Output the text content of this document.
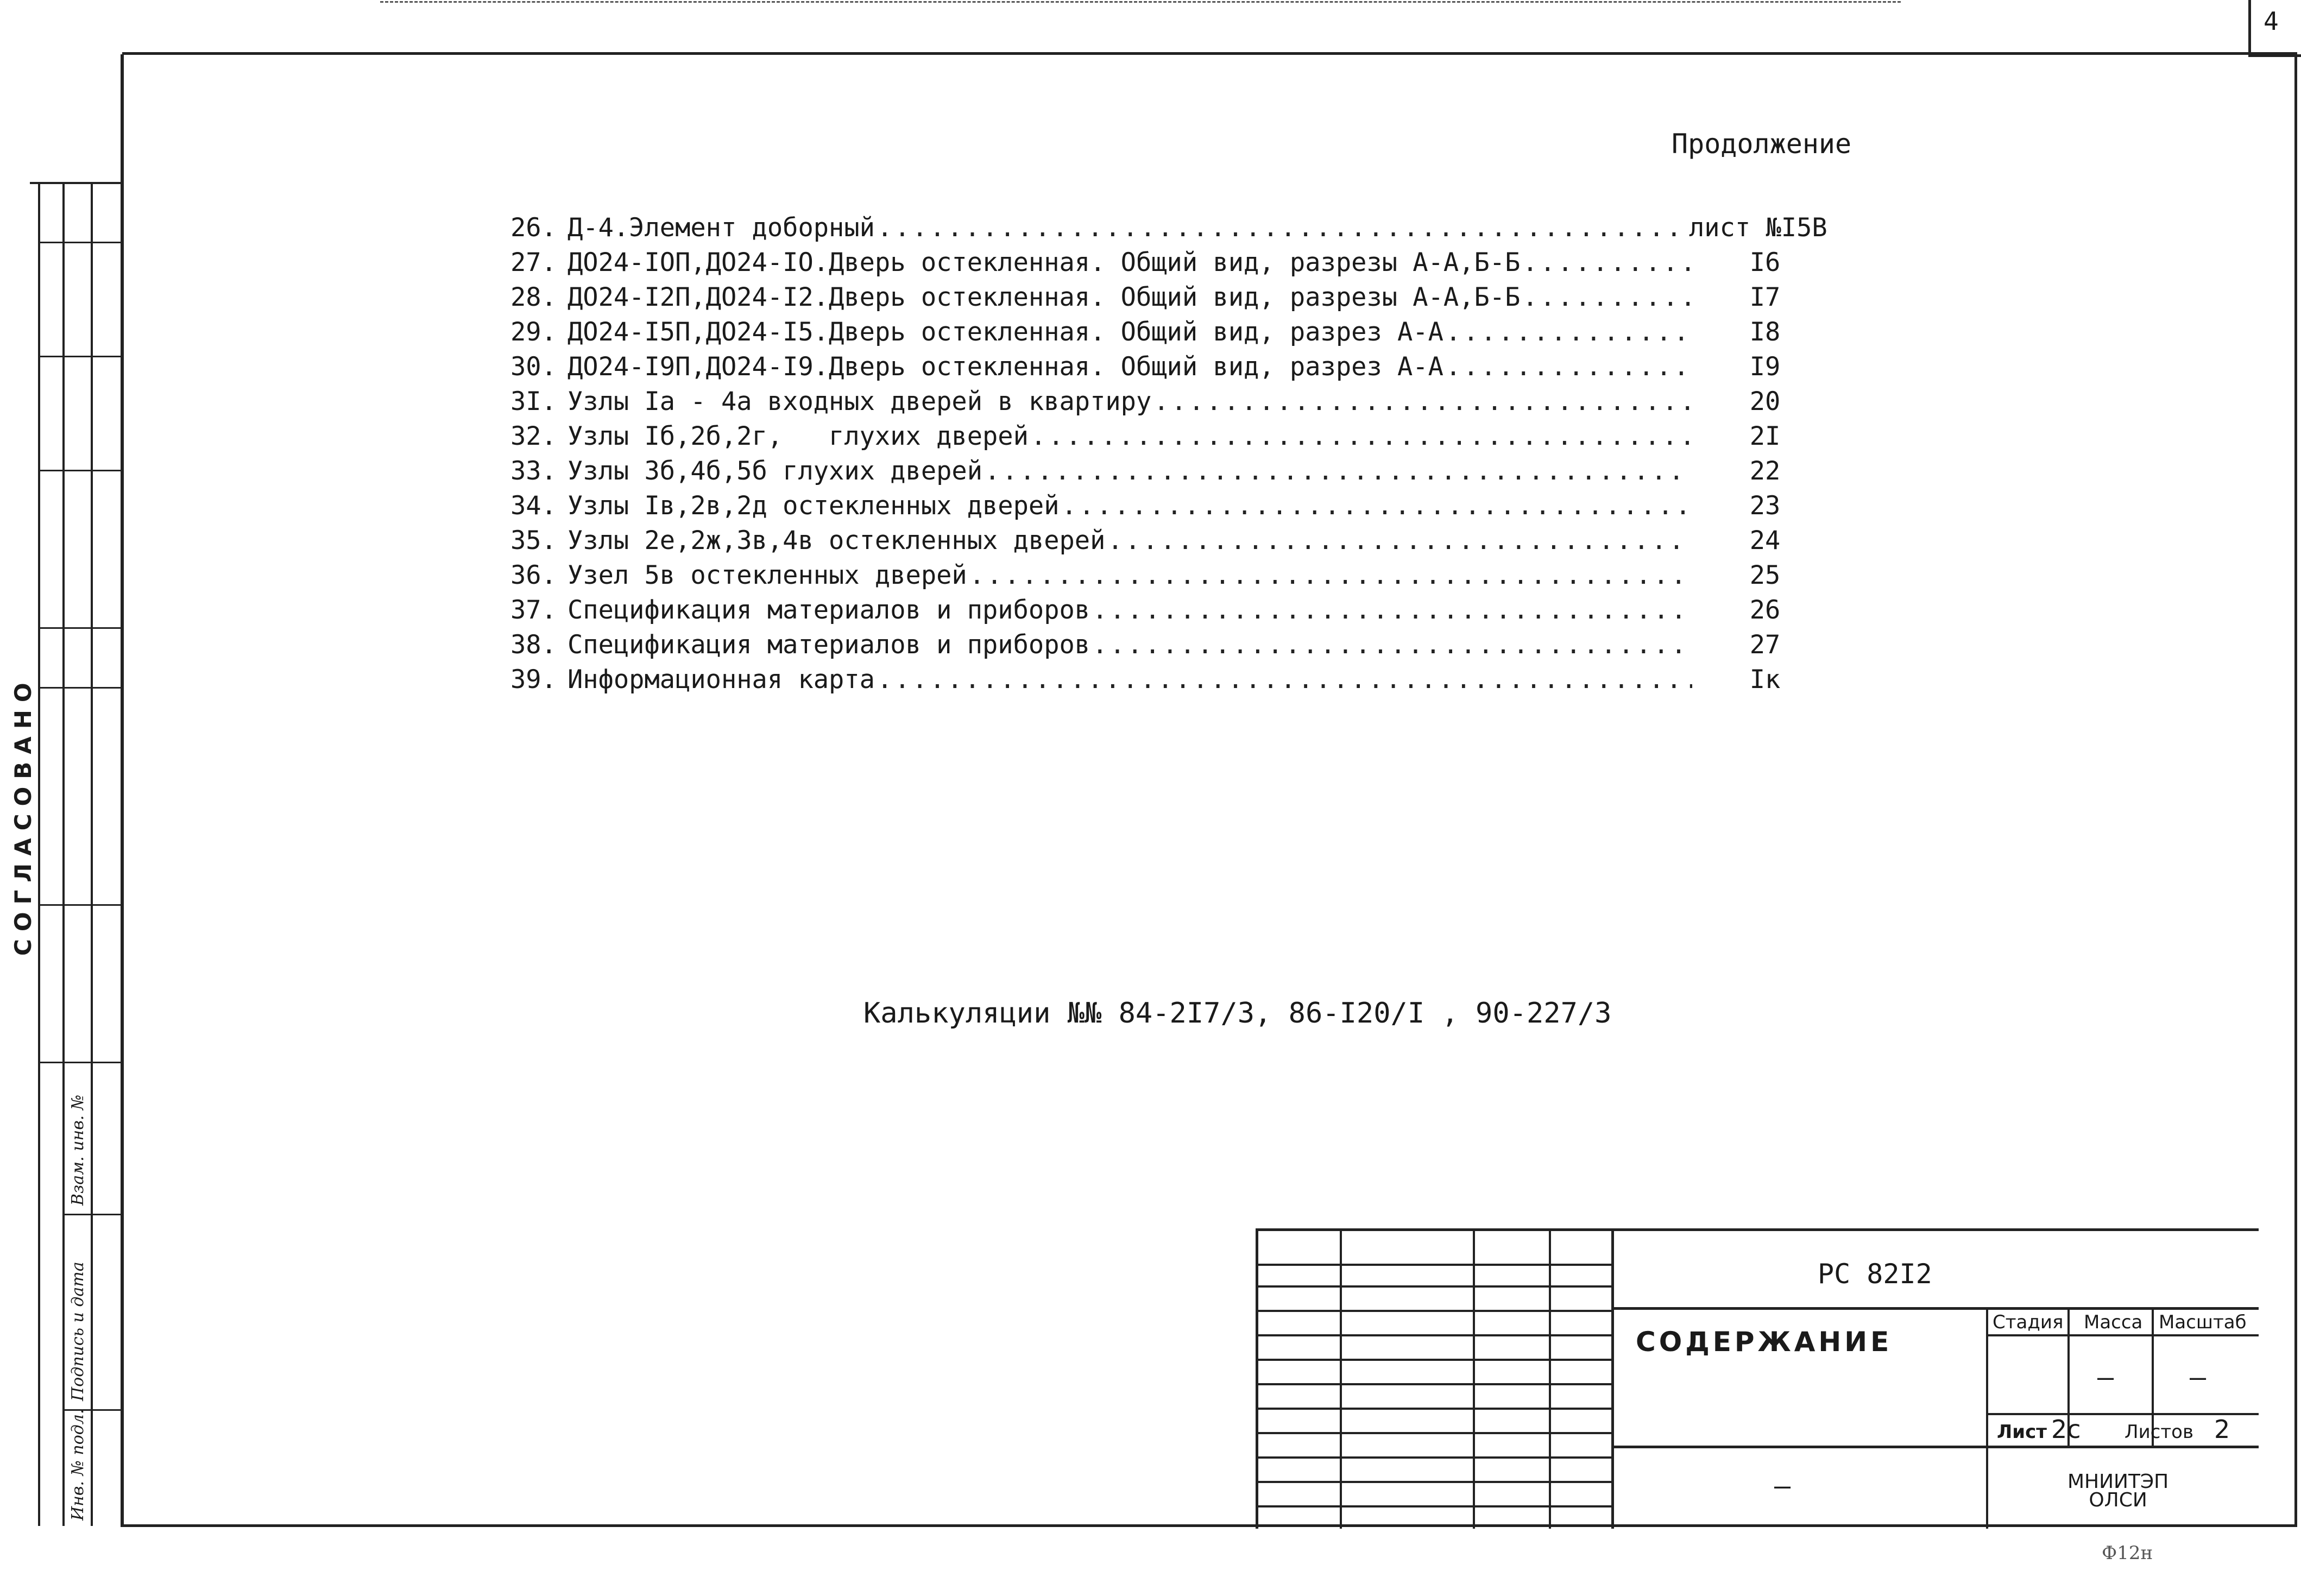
4
СОГЛАСОВАНО
Взам. инв. №
Подпись и дата
Инв. № подл.
Продолжение
26. Д-4.Элемент доборный .....	лист №I5В
27. ДО24-IОП,ДО24-IО.Дверь остекленная. Общий вид, разрезы А-А,Б-Б .....	I6
28. ДО24-I2П,ДО24-I2.Дверь остекленная. Общий вид, разрезы А-А,Б-Б .....	I7
29. ДО24-I5П,ДО24-I5.Дверь остекленная. Общий вид, разрез А-А .....	I8
30. ДО24-I9П,ДО24-I9.Дверь остекленная. Общий вид, разрез А-А .....	I9
3I. Узлы Iа - 4а входных дверей в квартиру .....	20
32. Узлы Iб,2б,2г,   глухих дверей .....	2I
33. Узлы 3б,4б,5б глухих дверей .....	22
34. Узлы Iв,2в,2д остекленных дверей .....	23
35. Узлы 2е,2ж,3в,4в остекленных дверей .....	24
36. Узел 5в остекленных дверей .....	25
37. Спецификация материалов и приборов .....	26
38. Спецификация материалов и приборов .....	27
39. Информационная карта .....	Iк
Калькуляции №№ 84-2I7/3, 86-I20/I , 90-227/3
РС 82I2
СОДЕРЖАНИЕ
Стадия Масса Масштаб
—	—
Лист 2с Листов 2
—	МНИИТЭП
ОЛСИ
Ф12н
